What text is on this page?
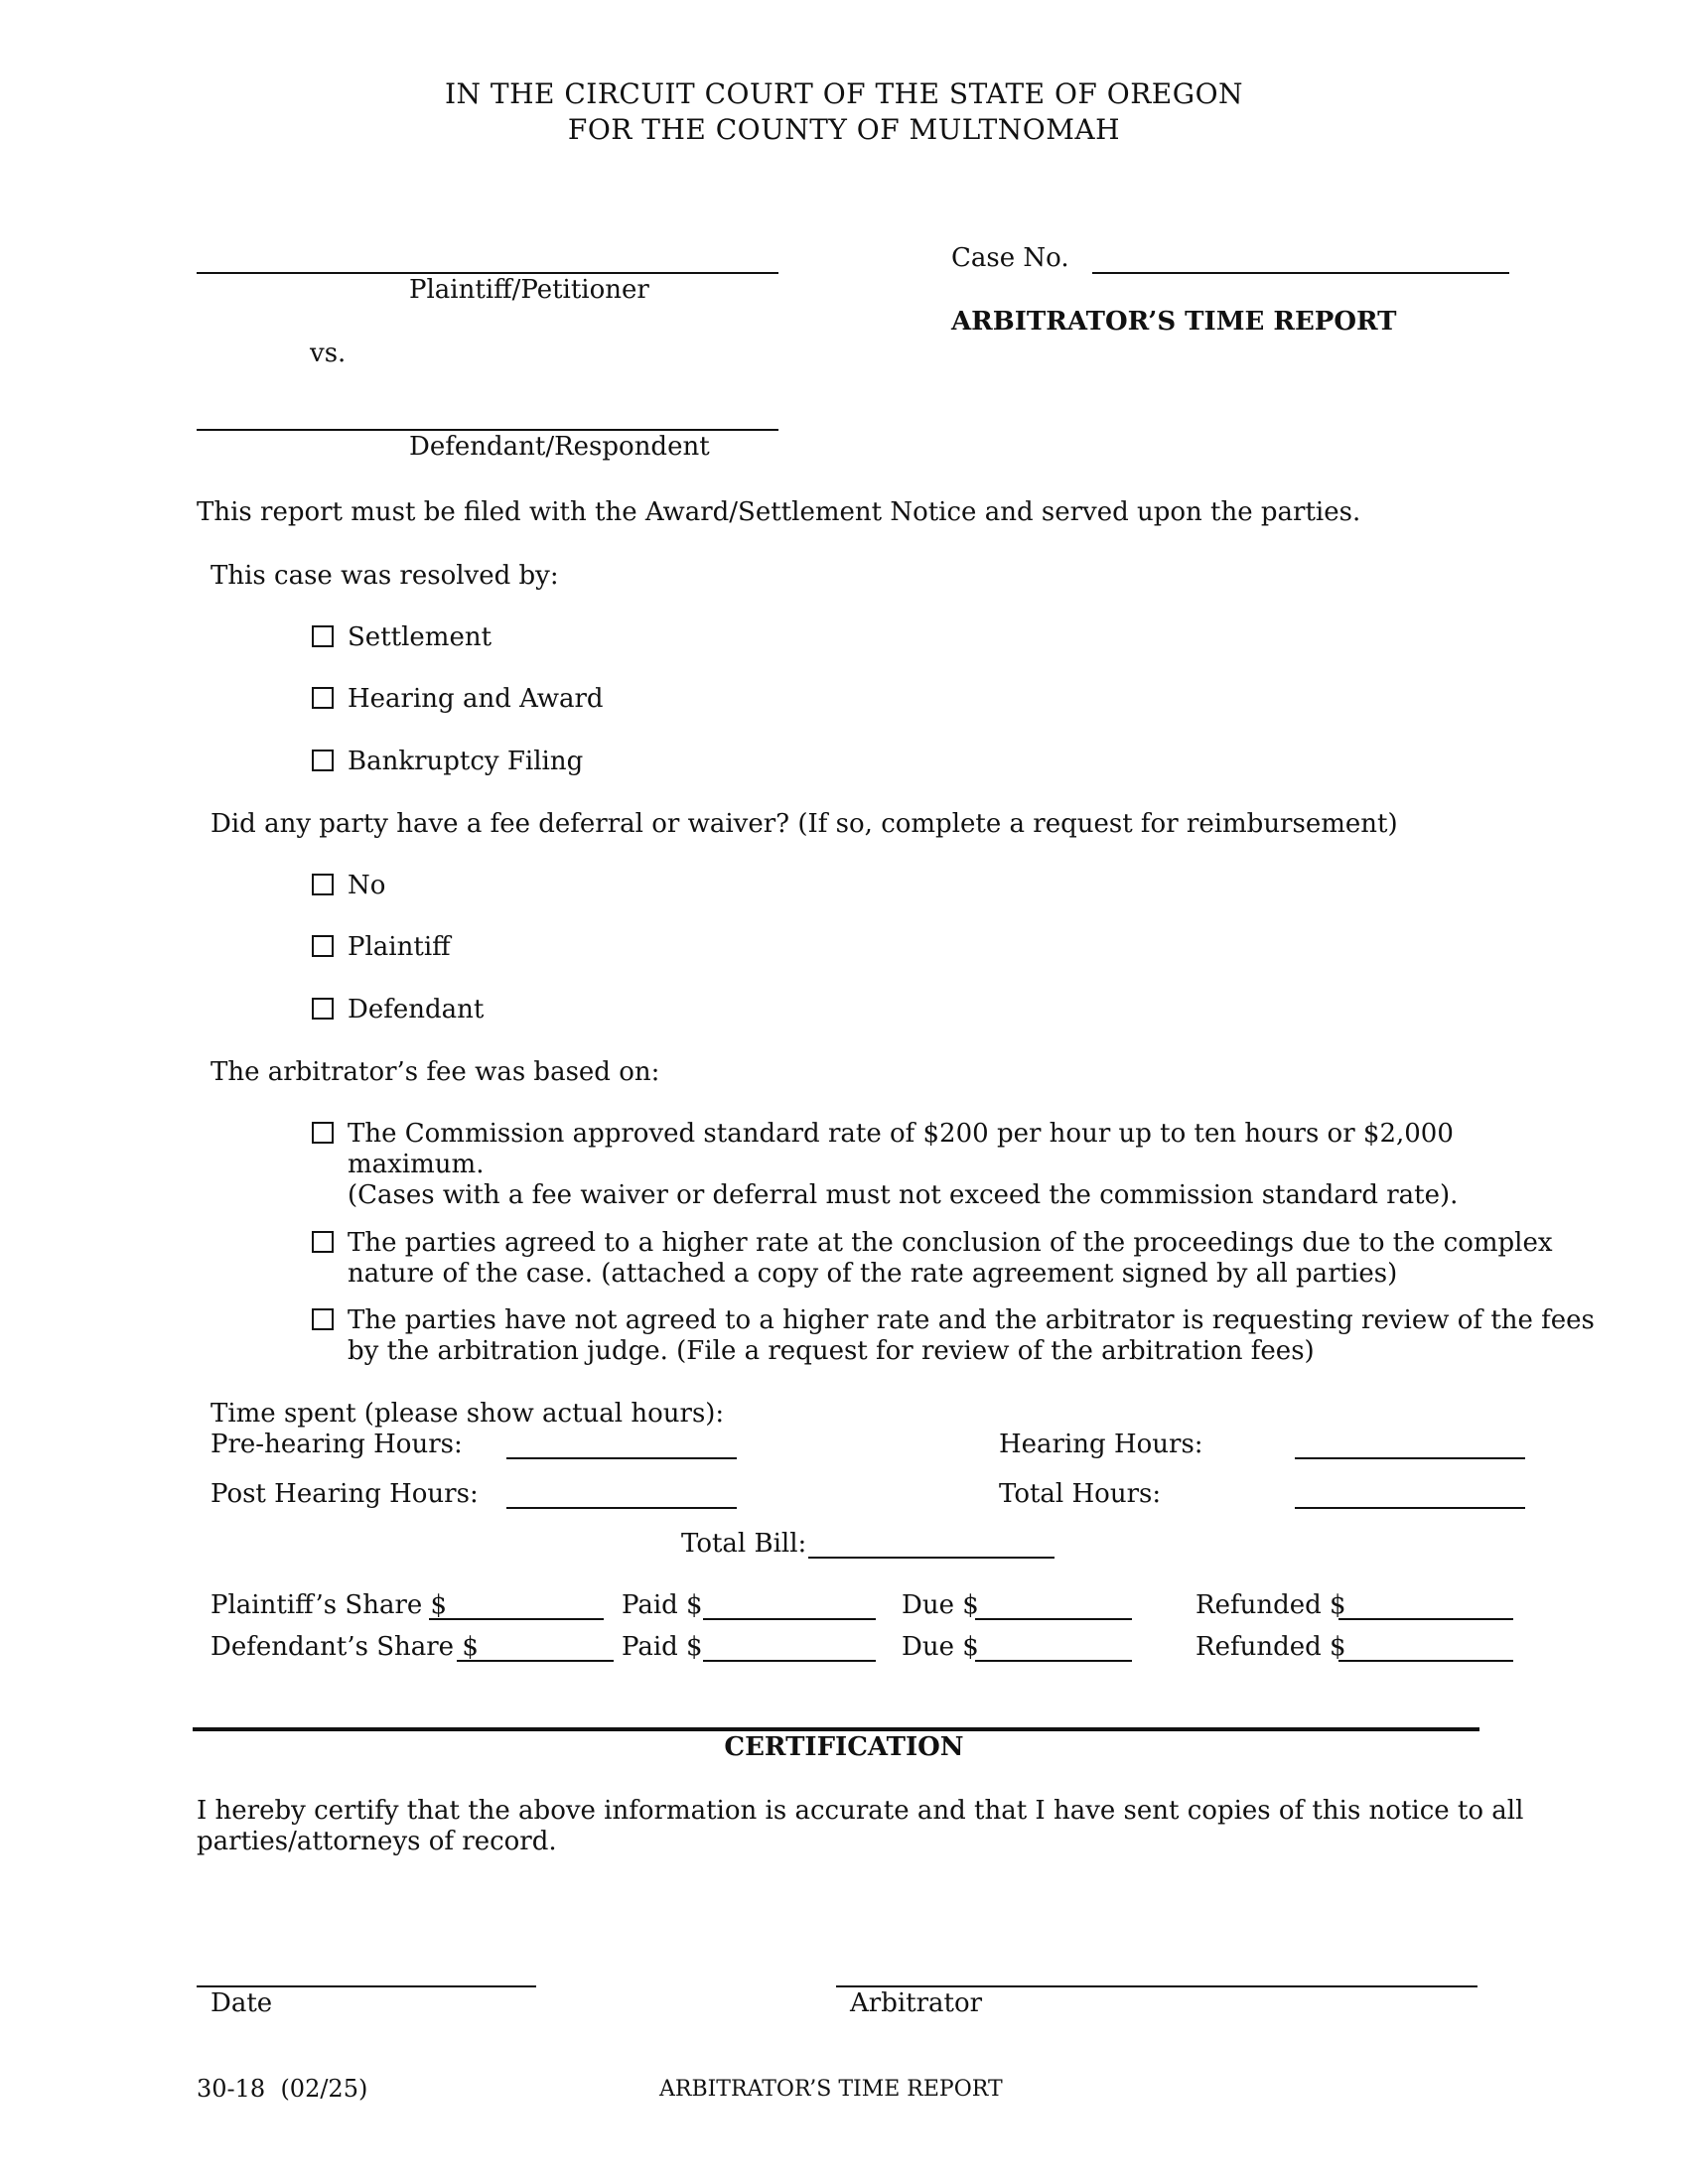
IN THE CIRCUIT COURT OF THE STATE OF OREGON
FOR THE COUNTY OF MULTNOMAH
Plaintiff/Petitioner
vs.
Defendant/Respondent
Case No.
ARBITRATOR’S TIME REPORT
This report must be filed with the Award/Settlement Notice and served upon the parties.
This case was resolved by:
Settlement
Hearing and Award
Bankruptcy Filing
Did any party have a fee deferral or waiver? (If so, complete a request for reimbursement)
No
Plaintiff
Defendant
The arbitrator’s fee was based on:
The Commission approved standard rate of $200 per hour up to ten hours or $2,000
maximum.
(Cases with a fee waiver or deferral must not exceed the commission standard rate).
The parties agreed to a higher rate at the conclusion of the proceedings due to the complex
nature of the case. (attached a copy of the rate agreement signed by all parties)
The parties have not agreed to a higher rate and the arbitrator is requesting review of the fees
by the arbitration judge. (File a request for review of the arbitration fees)
Time spent (please show actual hours):
Pre-hearing Hours:	Hearing Hours:
Post Hearing Hours:	Total Hours:
Total Bill:
Plaintiff’s Share $	Paid $	Due $	Refunded $
Defendant’s Share $	Paid $	Due $	Refunded $
CERTIFICATION
I hereby certify that the above information is accurate and that I have sent copies of this notice to all
parties/attorneys of record.
Date	Arbitrator
30-18  (02/25)	ARBITRATOR’S TIME REPORT
